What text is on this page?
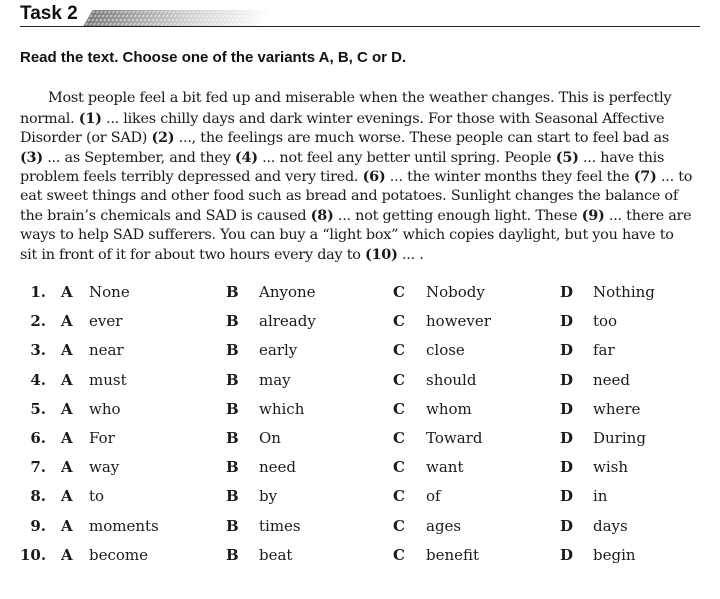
Task 2
Read the text. Choose one of the variants A, B, C or D.
Most people feel a bit fed up and miserable when the weather changes. This is perfectly
normal. (1) ... likes chilly days and dark winter evenings. For those with Seasonal Affective
Disorder (or SAD) (2) ..., the feelings are much worse. These people can start to feel bad as
(3) ... as September, and they (4) ... not feel any better until spring. People (5) ... have this
problem feels terribly depressed and very tired. (6) ... the winter months they feel the (7) ... to
eat sweet things and other food such as bread and potatoes. Sunlight changes the balance of
the brain’s chemicals and SAD is caused (8) ... not getting enough light. These (9) ... there are
ways to help SAD sufferers. You can buy a “light box” which copies daylight, but you have to
sit in front of it for about two hours every day to (10) ... .
1. A None	B Anyone	C Nobody	D Nothing
2. A ever	B already	C however	D too
3. A near	B early	C close	D far
4. A must	B may	C should	D need
5. A who	B which	C whom	D where
6. A For	B On	C Toward	D During
7. A way	B need	C want	D wish
8. A to	B by	C of	D in
9. A moments	B times	C ages	D days
10. A become	B beat	C benefit	D begin
